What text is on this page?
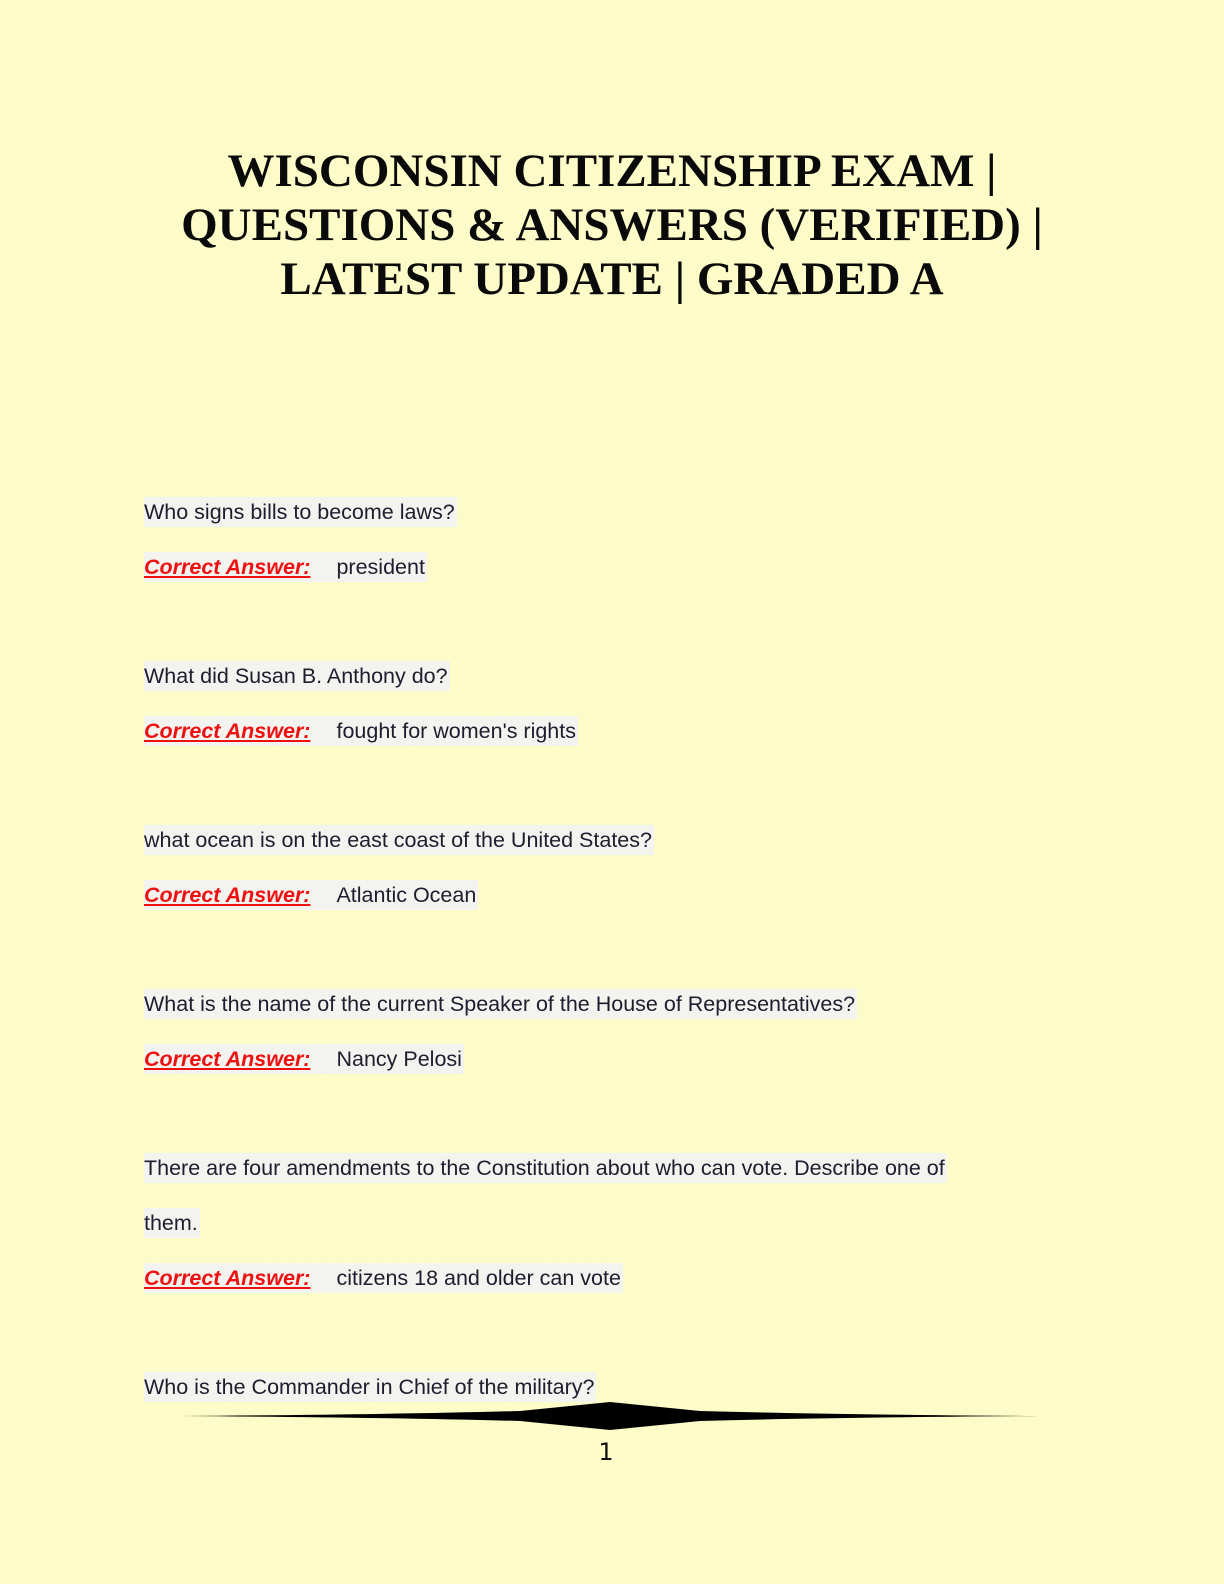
WISCONSIN CITIZENSHIP EXAM |
QUESTIONS & ANSWERS (VERIFIED) |
LATEST UPDATE | GRADED A
Who signs bills to become laws?
Correct Answer: president
What did Susan B. Anthony do?
Correct Answer: fought for women's rights
what ocean is on the east coast of the United States?
Correct Answer: Atlantic Ocean
What is the name of the current Speaker of the House of Representatives?
Correct Answer: Nancy Pelosi
There are four amendments to the Constitution about who can vote. Describe one of
them.
Correct Answer: citizens 18 and older can vote
Who is the Commander in Chief of the military?
1
